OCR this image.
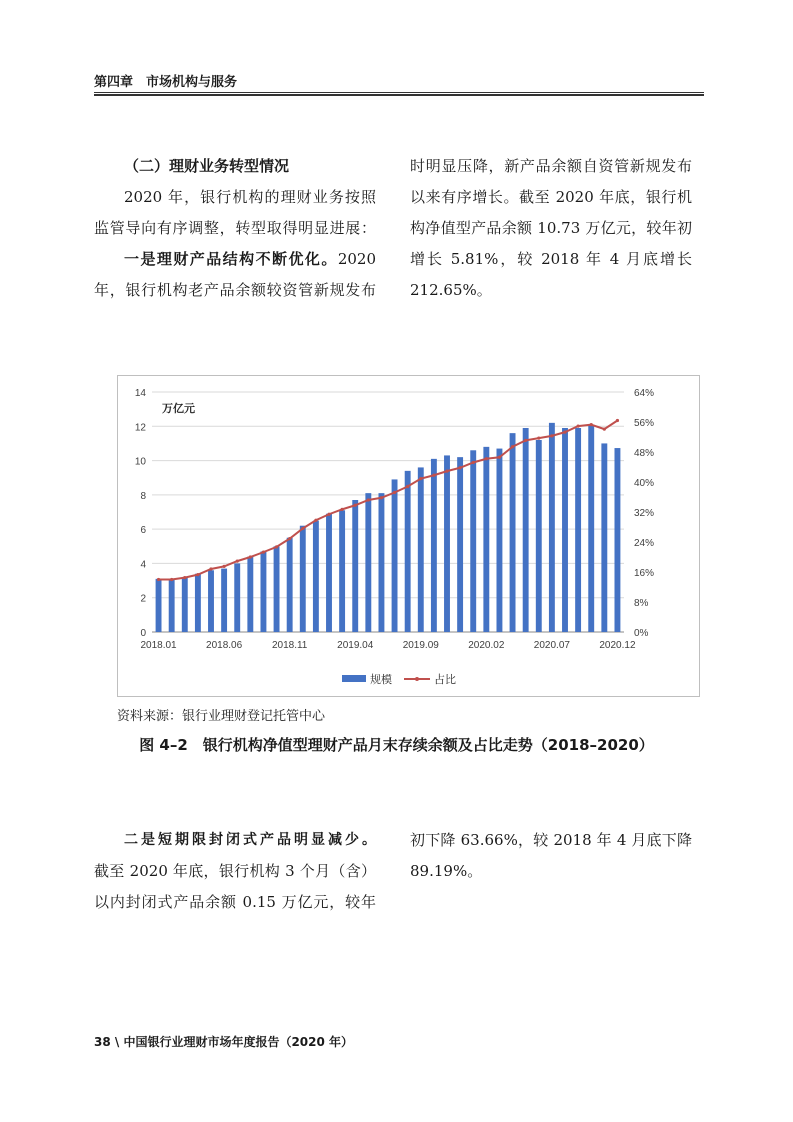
第四章　市场机构与服务

（二）理财业务转型情况

2020 年，银行机构的理财业务按照

监管导向有序调整，转型取得明显进展：

一是理财产品结构不断优化。2020

年，银行机构老产品余额较资管新规发布

时明显压降，新产品余额自资管新规发布

以来有序增长。截至 2020 年底，银行机

构净值型产品余额 10.73 万亿元，较年初

增长 5.81%，较 2018 年 4 月底增长

212.65%。

0
2
4
6
8
10
12
14
0%
8%
16%
24%
32%
40%
48%
56%
64%
万亿元
2018.01	2018.06	2018.11	2019.04	2019.09	2020.02	2020.07	2020.12
规模	占比
资料来源：银行业理财登记托管中心
图 4–2　银行机构净值型理财产品月末存续余额及占比走势（2018–2020）

二是短期限封闭式产品明显减少。

截至 2020 年底，银行机构 3 个月（含）

以内封闭式产品余额 0.15 万亿元，较年

初下降 63.66%，较 2018 年 4 月底下降

89.19%。

38 \ 中国银行业理财市场年度报告（2020 年）
